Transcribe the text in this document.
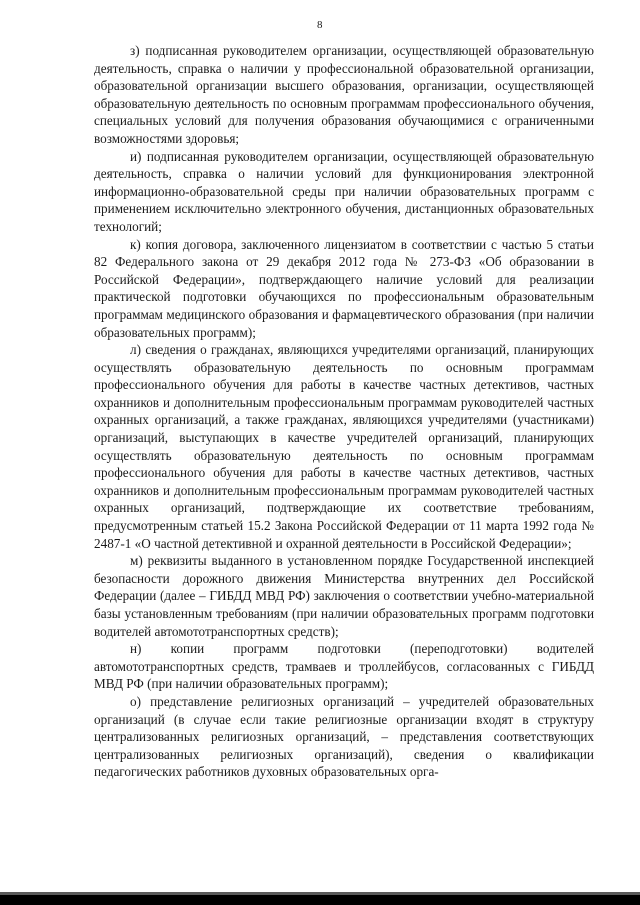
8

з) подписанная руководителем организации, осуществляющей образовательную деятельность, справка о наличии у профессиональной образовательной организации, образовательной организации высшего образования, организации, осуществляющей образовательную деятельность по основным программам профессионального обучения, специальных условий для получения образования обучающимися с ограниченными возможностями здоровья;

и) подписанная руководителем организации, осуществляющей образовательную деятельность, справка о наличии условий для функционирования электронной информационно-образовательной среды при наличии образовательных программ с применением исключительно электронного обучения, дистанционных образовательных технологий;

к) копия договора, заключенного лицензиатом в соответствии с частью 5 статьи 82 Федерального закона от 29 декабря 2012 года № 273-ФЗ «Об образовании в Российской Федерации», подтверждающего наличие условий для реализации практической подготовки обучающихся по профессиональным образовательным программам медицинского образования и фармацевтического образования (при наличии образовательных программ);

л) сведения о гражданах, являющихся учредителями организаций, планирующих осуществлять образовательную деятельность по основным программам профессионального обучения для работы в качестве частных детективов, частных охранников и дополнительным профессиональным программам руководителей частных охранных организаций, а также гражданах, являющихся учредителями (участниками) организаций, выступающих в качестве учредителей организаций, планирующих осуществлять образовательную деятельность по основным программам профессионального обучения для работы в качестве частных детективов, частных охранников и дополнительным профессиональным программам руководителей частных охранных организаций, подтверждающие их соответствие требованиям, предусмотренным статьей 15.2 Закона Российской Федерации от 11 марта 1992 года № 2487-1 «О частной детективной и охранной деятельности в Российской Федерации»;

м) реквизиты выданного в установленном порядке Государственной инспекцией безопасности дорожного движения Министерства внутренних дел Российской Федерации (далее – ГИБДД МВД РФ) заключения о соответствии учебно-материальной базы установленным требованиям (при наличии образовательных программ подготовки водителей автомототранспортных средств);

н) копии программ подготовки (переподготовки) водителей автомототранспортных средств, трамваев и троллейбусов, согласованных с ГИБДД МВД РФ (при наличии образовательных программ);

о) представление религиозных организаций – учредителей образовательных организаций (в случае если такие религиозные организации входят в структуру централизованных религиозных организаций, – представления соответствующих централизованных религиозных организаций), сведения о квалификации педагогических работников духовных образовательных орга-
